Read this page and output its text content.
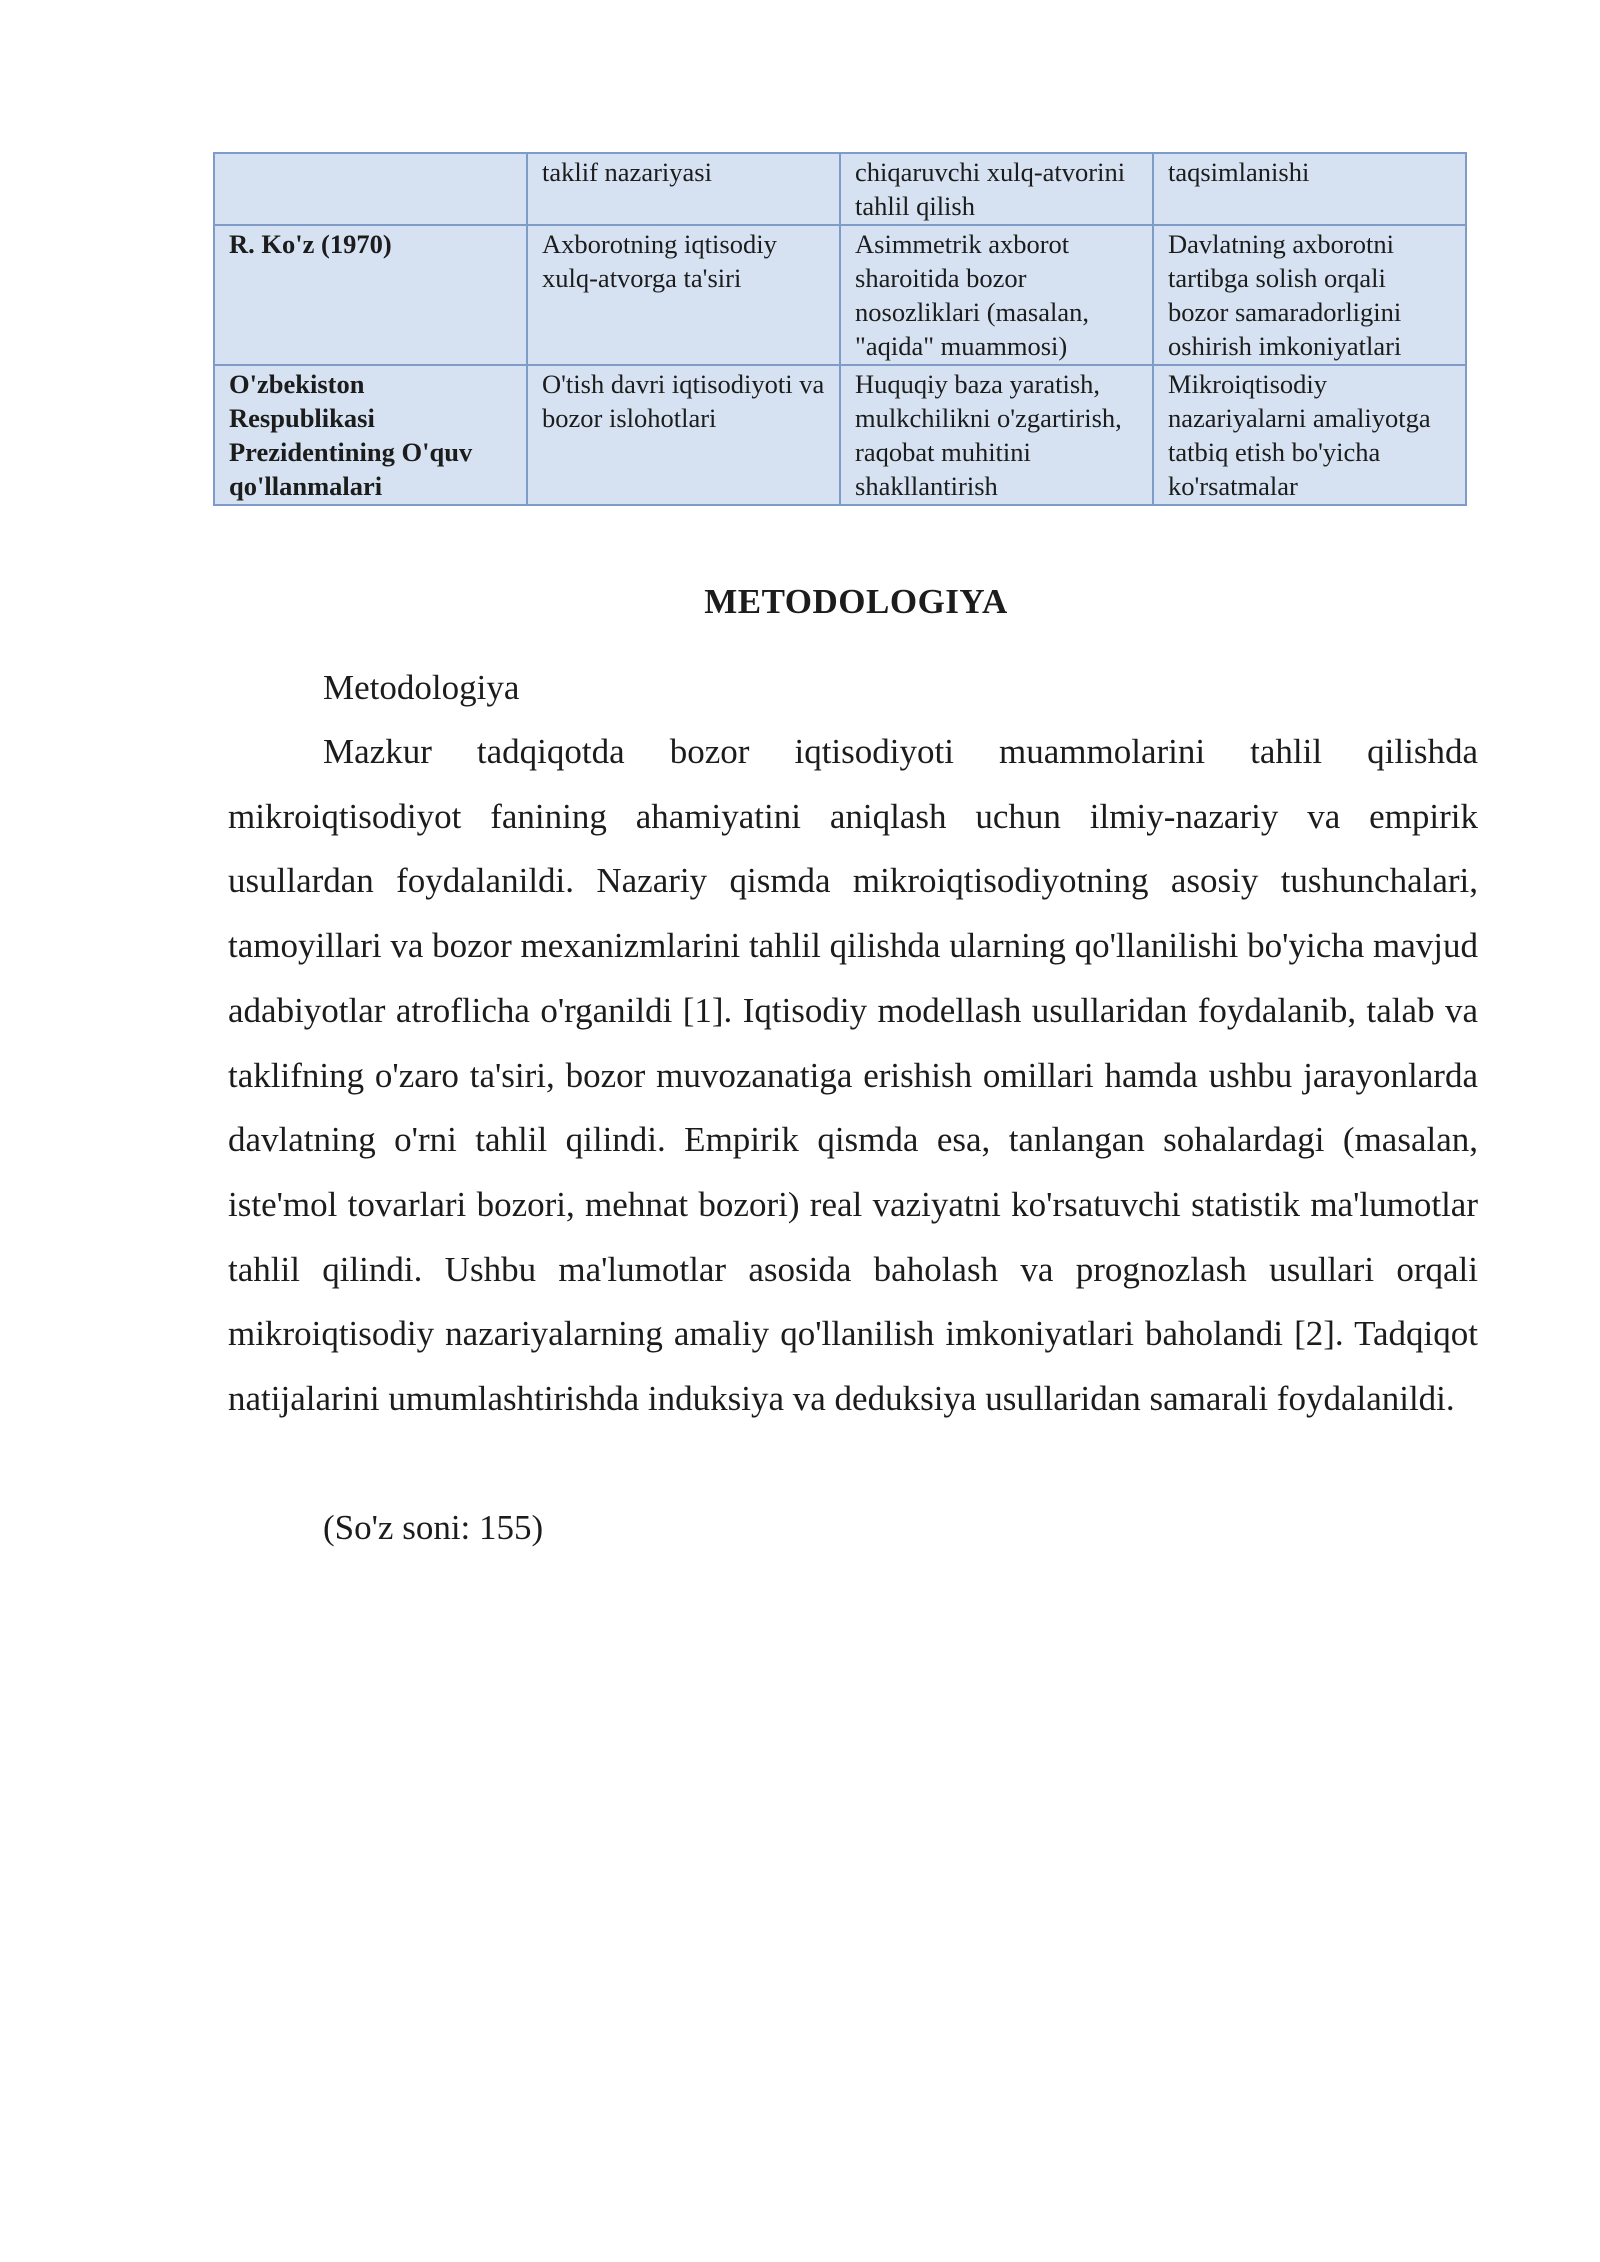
	taklif nazariyasi	chiqaruvchi xulq-atvorini tahlil qilish	taqsimlanishi
R. Ko'z (1970)	Axborotning iqtisodiy xulq-atvorga ta'siri	Asimmetrik axborot sharoitida bozor nosozliklari (masalan, "aqida" muammosi)	Davlatning axborotni tartibga solish orqali bozor samaradorligini oshirish imkoniyatlari
O'zbekiston Respublikasi Prezidentining O'quv qo'llanmalari	O'tish davri iqtisodiyoti va bozor islohotlari	Huquqiy baza yaratish, mulkchilikni o'zgartirish, raqobat muhitini shakllantirish	Mikroiqtisodiy nazariyalarni amaliyotga tatbiq etish bo'yicha ko'rsatmalar
METODOLOGIYA
Metodologiya
Mazkur tadqiqotda bozor iqtisodiyoti muammolarini tahlil qilishda mikroiqtisodiyot fanining ahamiyatini aniqlash uchun ilmiy-nazariy va empirik usullardan foydalanildi. Nazariy qismda mikroiqtisodiyotning asosiy tushunchalari, tamoyillari va bozor mexanizmlarini tahlil qilishda ularning qo'llanilishi bo'yicha mavjud adabiyotlar atroflicha o'rganildi [1]. Iqtisodiy modellash usullaridan foydalanib, talab va taklifning o'zaro ta'siri, bozor muvozanatiga erishish omillari hamda ushbu jarayonlarda davlatning o'rni tahlil qilindi. Empirik qismda esa, tanlangan sohalardagi (masalan, iste'mol tovarlari bozori, mehnat bozori) real vaziyatni ko'rsatuvchi statistik ma'lumotlar tahlil qilindi. Ushbu ma'lumotlar asosida baholash va prognozlash usullari orqali mikroiqtisodiy nazariyalarning amaliy qo'llanilish imkoniyatlari baholandi [2]. Tadqiqot natijalarini umumlashtirishda induksiya va deduksiya usullaridan samarali foydalanildi.
(So'z soni: 155)
